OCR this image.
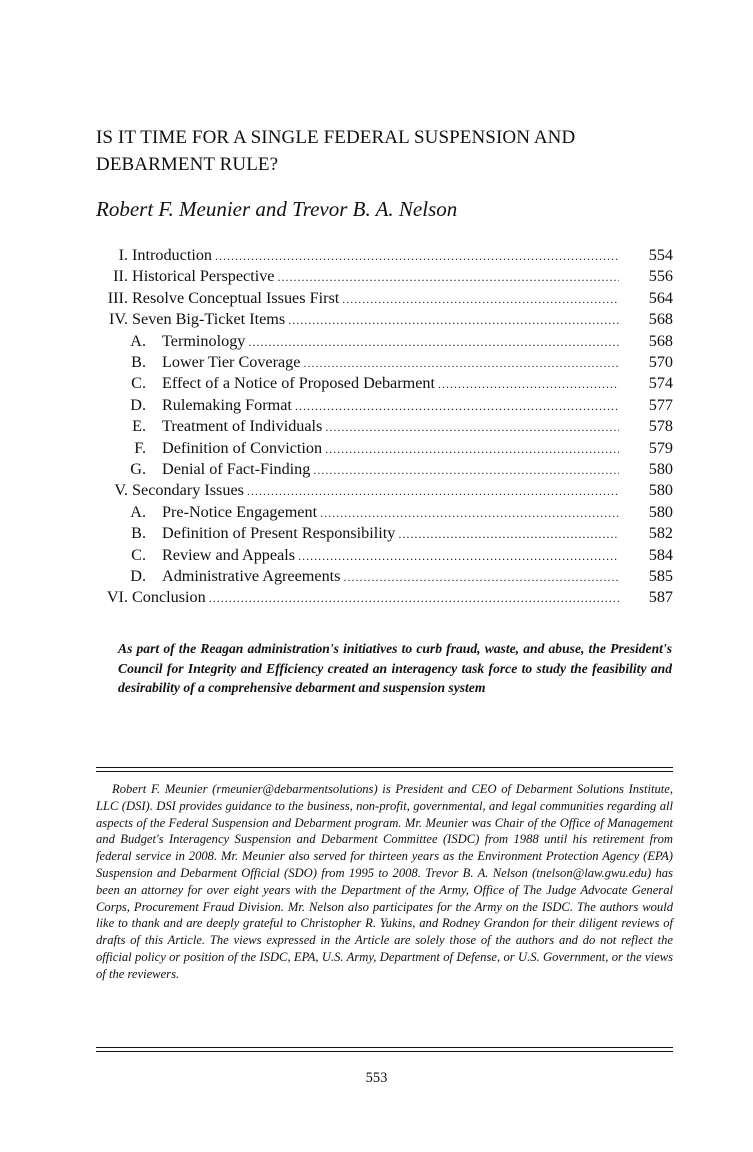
IS IT TIME FOR A SINGLE FEDERAL SUSPENSION AND DEBARMENT RULE?

Robert F. Meunier and Trevor B. A. Nelson

I. Introduction .....	554
II. Historical Perspective .....	556
III. Resolve Conceptual Issues First .....	564
IV. Seven Big-Ticket Items .....	568
A. Terminology .....	568
B. Lower Tier Coverage .....	570
C. Effect of a Notice of Proposed Debarment .....	574
D. Rulemaking Format .....	577
E. Treatment of Individuals .....	578
F. Definition of Conviction .....	579
G. Denial of Fact-Finding .....	580
V. Secondary Issues .....	580
A. Pre-Notice Engagement .....	580
B. Definition of Present Responsibility .....	582
C. Review and Appeals .....	584
D. Administrative Agreements .....	585
VI. Conclusion .....	587

As part of the Reagan administration's initiatives to curb fraud, waste, and abuse, the President's Council for Integrity and Efficiency created an interagency task force to study the feasibility and desirability of a comprehensive debarment and suspension system

Robert F. Meunier (rmeunier@debarmentsolutions) is President and CEO of Debarment Solutions Institute, LLC (DSI). DSI provides guidance to the business, non-profit, governmental, and legal communities regarding all aspects of the Federal Suspension and Debarment program. Mr. Meunier was Chair of the Office of Management and Budget's Interagency Suspension and Debarment Committee (ISDC) from 1988 until his retirement from federal service in 2008. Mr. Meunier also served for thirteen years as the Environment Protection Agency (EPA) Suspension and Debarment Official (SDO) from 1995 to 2008. Trevor B. A. Nelson (tnelson@law.gwu.edu) has been an attorney for over eight years with the Department of the Army, Office of The Judge Advocate General Corps, Procurement Fraud Division. Mr. Nelson also participates for the Army on the ISDC. The authors would like to thank and are deeply grateful to Christopher R. Yukins, and Rodney Grandon for their diligent reviews of drafts of this Article. The views expressed in the Article are solely those of the authors and do not reflect the official policy or position of the ISDC, EPA, U.S. Army, Department of Defense, or U.S. Government, or the views of the reviewers.

553
